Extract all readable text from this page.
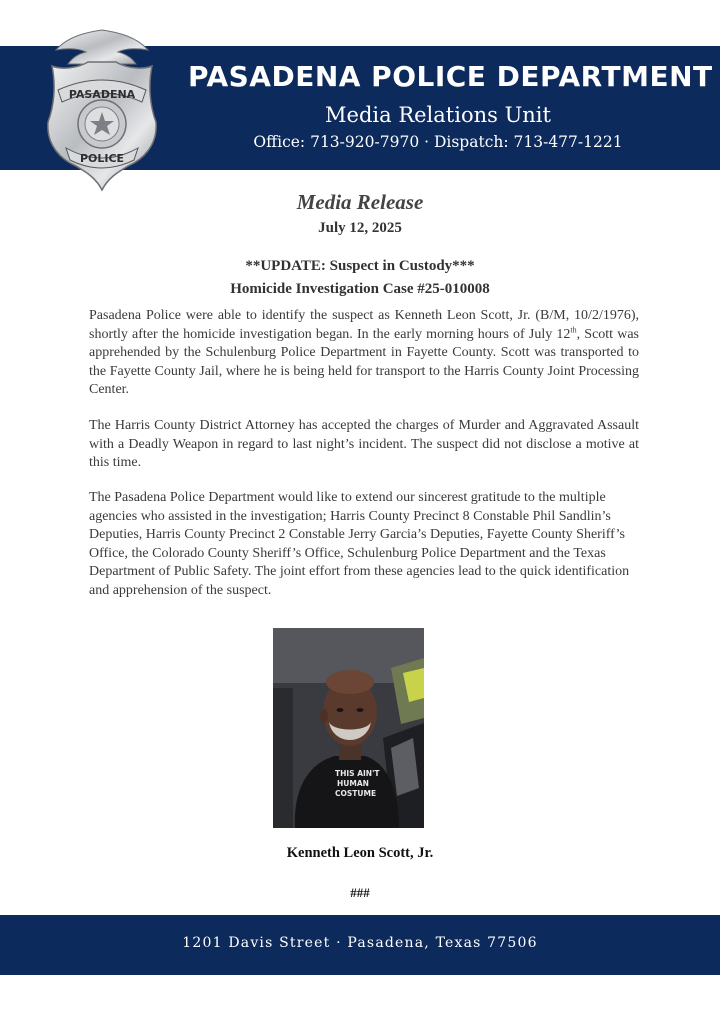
PASADENA
POLICE
PASADENA POLICE DEPARTMENT
Media Relations Unit
Office: 713-920-7970 · Dispatch: 713-477-1221
Media Release
July 12, 2025
**UPDATE: Suspect in Custody***
Homicide Investigation Case #25-010008
Pasadena Police were able to identify the suspect as Kenneth Leon Scott, Jr. (B/M, 10/2/1976), shortly after the homicide investigation began. In the early morning hours of July 12th, Scott was apprehended by the Schulenburg Police Department in Fayette County. Scott was transported to the Fayette County Jail, where he is being held for transport to the Harris County Joint Processing Center.
The Harris County District Attorney has accepted the charges of Murder and Aggravated Assault with a Deadly Weapon in regard to last night’s incident. The suspect did not disclose a motive at this time.
The Pasadena Police Department would like to extend our sincerest gratitude to the multiple agencies who assisted in the investigation; Harris County Precinct 8 Constable Phil Sandlin’s Deputies, Harris County Precinct 2 Constable Jerry Garcia’s Deputies, Fayette County Sheriff’s Office, the Colorado County Sheriff’s Office, Schulenburg Police Department and the Texas Department of Public Safety. The joint effort from these agencies lead to the quick identification and apprehension of the suspect.
THIS AIN'T
HUMAN
COSTUME
Kenneth Leon Scott, Jr.
###
1201 Davis Street · Pasadena, Texas 77506
